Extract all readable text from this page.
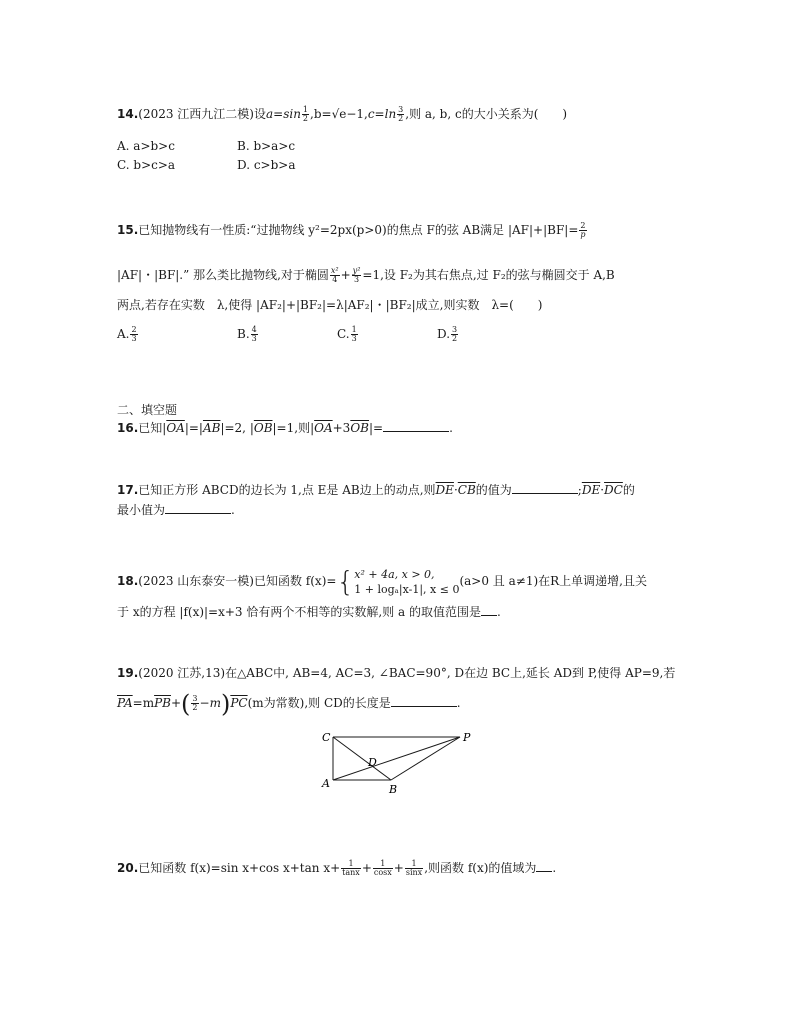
14.(2023 江西九江二模)设$a=\sin \frac{1}{2} ,b=√e-1,c=\ln \frac{3}{2}$ ,则 a, b, c的大小关系为(　　)
A. a>b>c	B. b>a>c
C. b>c>a	D. c>b>a
15.已知抛物线有一性质:“过抛物线 y²=2px(p>0)的焦点 F的弦 AB满足 $|AF|+|BF|= \frac{2}{p}$
|AF|・|BF|.” 那么类比抛物线,对于椭圆 $\frac{\text{x²}}{4} + \frac{\text{y²}}{3} =1$,设 F₂为其右焦点,过 F₂的弦与椭圆交于 A,B
两点,若存在实数　λ,使得 |AF₂|+|BF₂|=λ|AF₂|・|BF₂|成立,则实数　λ=(　　)
A. $\frac{2}{3}$	B. $\frac{4}{3}$	C. $\frac{1}{3}$	D. $\frac{3}{2}$
二、填空题
16.已知$|\overline{OA}|=|\overline{AB}|=2$, $|\overline{OB}|=1$,则$|\overline{OA}+3\overline{OB}|=$	.
17.已知正方形 ABCD的边长为 1,点 E是 AB边上的动点,则$\overline{DE}\cdot\overline{CB}$的值为	$;\overline{DE}\cdot\overline{DC}$的
最小值为	.
18.(2023 山东泰安一模)已知函数 f(x)={ x² + 4a, x > 0,
1 + logₐ|x-1|, x ≤ 0
(a>0 且 a≠1)在R上单调递增,且关
于 x的方程 |f(x)|=x+3 恰有两个不相等的实数解,则 a 的取值范围是 .
19.(2020 江苏,13)在△ABC中, AB=4, AC=3, ∠BAC=90°, D在边 BC上,延长 AD到 P,使得 AP=9,若
$\overline{PA}=m\overline{PB}+( \frac{3}{2} -m)\overline{PC}(m$为常数),则 CD的长度是	.
C	P
D
A	B
20.已知函数 f(x)=sin x+cos x+tan $x+ \frac{1}{\tan x} + \frac{1}{\cos x} + \frac{1}{\sin x}$ ,则函数 f(x)的值域为 .
